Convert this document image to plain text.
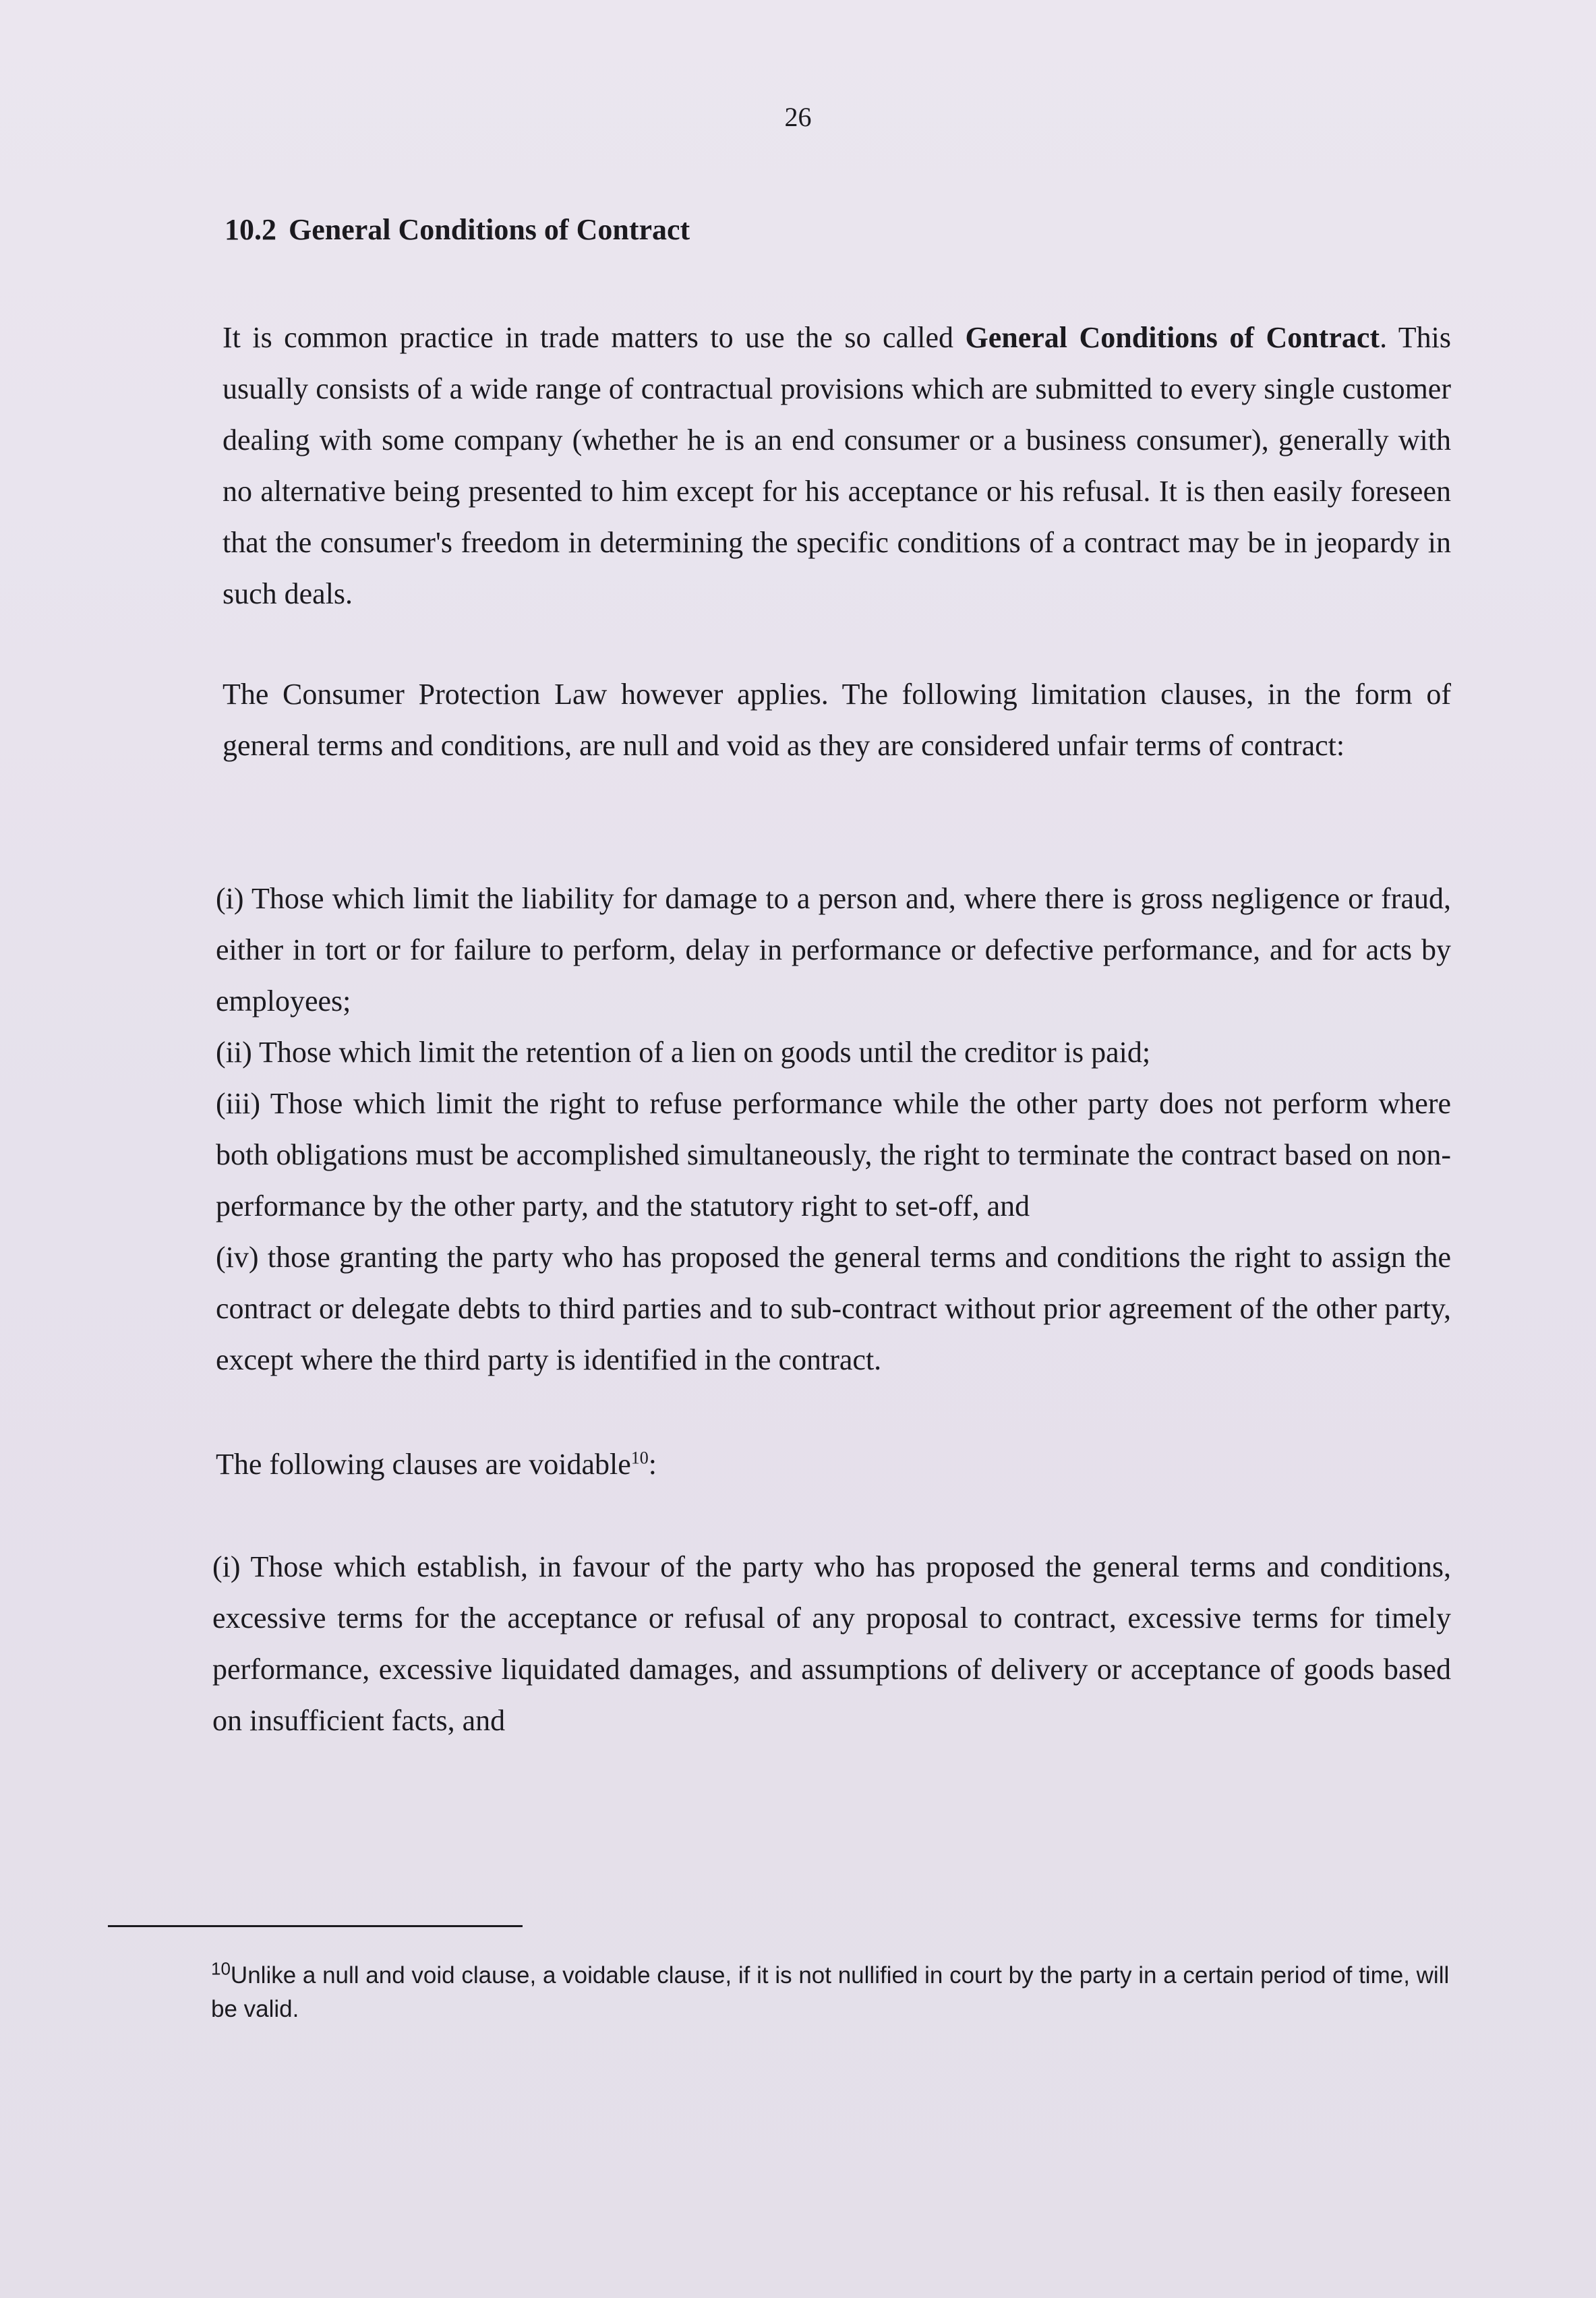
26
10.2 General Conditions of Contract

It is common practice in trade matters to use the so called General Conditions of Contract. This usually consists of a wide range of contractual provisions which are submitted to every single customer dealing with some company (whether he is an end consumer or a business consumer), generally with no alternative being presented to him except for his acceptance or his refusal. It is then easily foreseen that the consumer's freedom in determining the specific conditions of a contract may be in jeopardy in such deals.

The Consumer Protection Law however applies. The following limitation clauses, in the form of general terms and conditions, are null and void as they are considered unfair terms of contract:

(i) Those which limit the liability for damage to a person and, where there is gross negligence or fraud, either in tort or for failure to perform, delay in performance or defective performance, and for acts by employees;

(ii) Those which limit the retention of a lien on goods until the creditor is paid;

(iii) Those which limit the right to refuse performance while the other party does not perform where both obligations must be accomplished simultaneously, the right to terminate the contract based on non-performance by the other party, and the statutory right to set-off, and

(iv) those granting the party who has proposed the general terms and conditions the right to assign the contract or delegate debts to third parties and to sub-contract without prior agreement of the other party, except where the third party is identified in the contract.

The following clauses are voidable$^{10}$:

(i) Those which establish, in favour of the party who has proposed the general terms and conditions, excessive terms for the acceptance or refusal of any proposal to contract, excessive terms for timely performance, excessive liquidated damages, and assumptions of delivery or acceptance of goods based on insufficient facts, and

$^{10}$Unlike a null and void clause, a voidable clause, if it is not nullified in court by the party in a certain period of time, will be valid.
